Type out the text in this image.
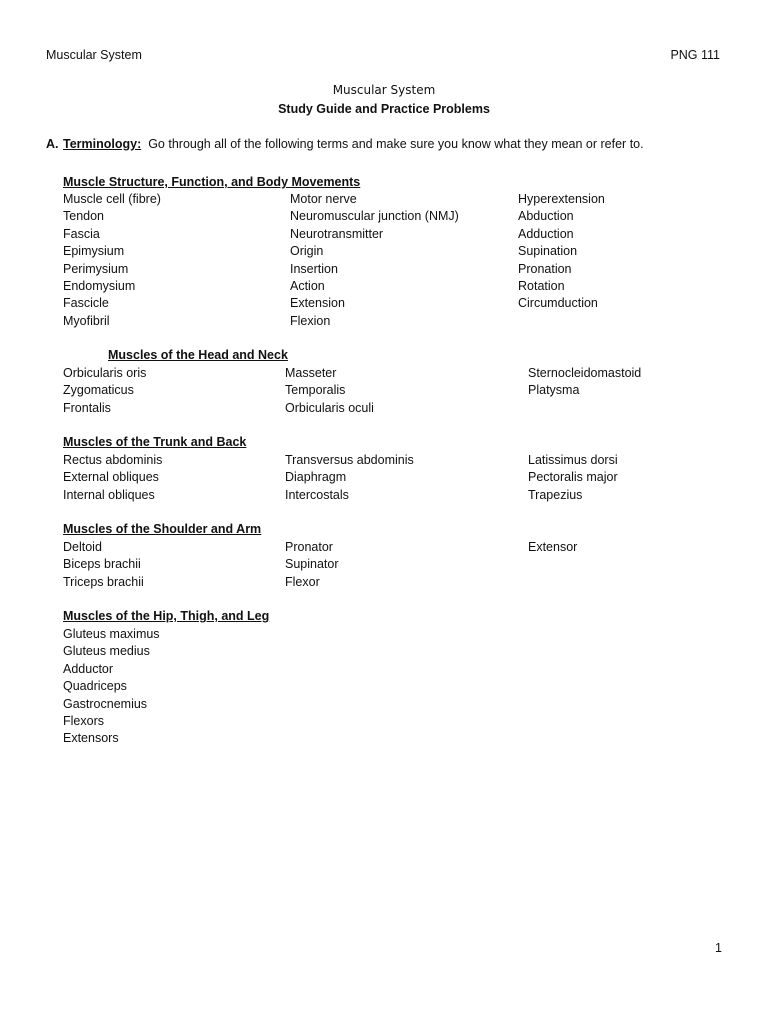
Muscular System	PNG 111
Muscular System
Study Guide and Practice Problems
A. Terminology: Go through all of the following terms and make sure you know what they mean or refer to.
Muscle Structure, Function, and Body Movements
Muscle cell (fibre)
Tendon
Fascia
Epimysium
Perimysium
Endomysium
Fascicle
Myofibril
Motor nerve
Neuromuscular junction (NMJ)
Neurotransmitter
Origin
Insertion
Action
Extension
Flexion
Hyperextension
Abduction
Adduction
Supination
Pronation
Rotation
Circumduction
Muscles of the Head and Neck
Orbicularis oris
Zygomaticus
Frontalis
Masseter
Temporalis
Orbicularis oculi
Sternocleidomastoid
Platysma
Muscles of the Trunk and Back
Rectus abdominis
External obliques
Internal obliques
Transversus abdominis
Diaphragm
Intercostals
Latissimus dorsi
Pectoralis major
Trapezius
Muscles of the Shoulder and Arm
Deltoid
Biceps brachii
Triceps brachii
Pronator
Supinator
Flexor
Extensor
Muscles of the Hip, Thigh, and Leg
Gluteus maximus
Gluteus medius
Adductor
Quadriceps
Gastrocnemius
Flexors
Extensors
1
